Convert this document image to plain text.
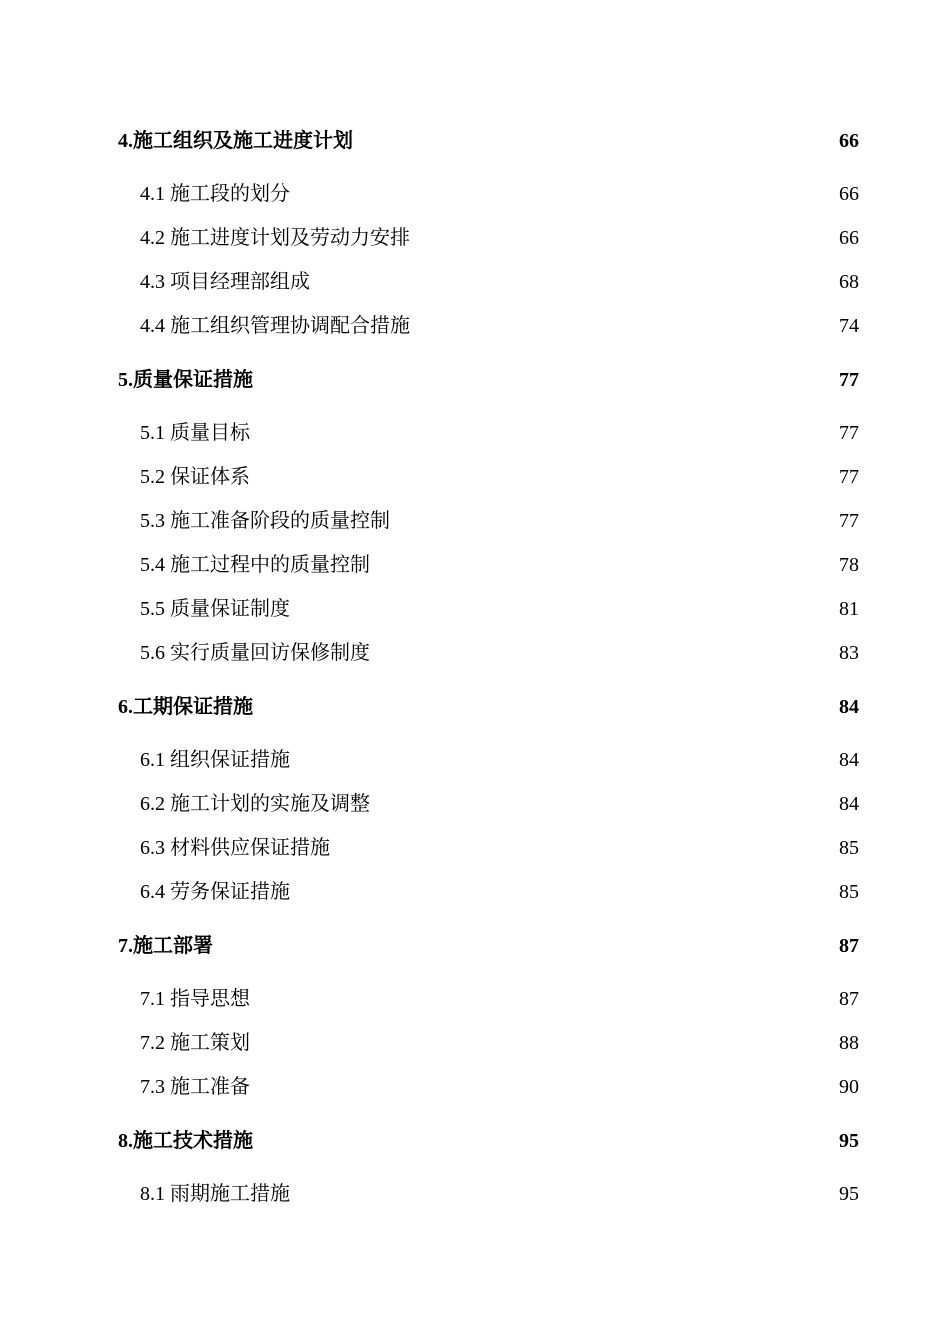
4.施工组织及施工进度计划	66
4.1 施工段的划分	66
4.2 施工进度计划及劳动力安排	66
4.3 项目经理部组成	68
4.4 施工组织管理协调配合措施	74
5.质量保证措施	77
5.1 质量目标	77
5.2 保证体系	77
5.3 施工准备阶段的质量控制	77
5.4 施工过程中的质量控制	78
5.5 质量保证制度	81
5.6 实行质量回访保修制度	83
6.工期保证措施	84
6.1 组织保证措施	84
6.2 施工计划的实施及调整	84
6.3 材料供应保证措施	85
6.4 劳务保证措施	85
7.施工部署	87
7.1 指导思想	87
7.2 施工策划	88
7.3 施工准备	90
8.施工技术措施	95
8.1 雨期施工措施	95
